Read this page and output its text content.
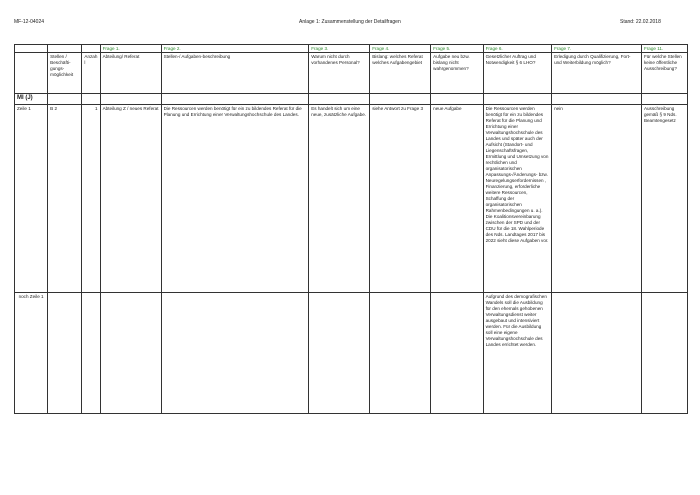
MF-12-04024	Anlage 1: Zusammenstellung der Detailfragen	Stand: 22.02.2018
			Frage 1.	Frage 2.	Frage 3.	Frage 4.	Frage 5.	Frage 6.	Frage 7.	Frage 11.
	Stellen / Beschäfti-gungs-möglichkeit	Anzahl	Abteilung/ Referat	Stellen-/ Aufgaben-beschreibung	Warum nicht durch vorhandenes Personal?	Bislang: welches Referat welches Aufgabengebiet	Aufgabe neu bzw. bislang nicht wahrgenommen?	Gesetzlicher Auftrag und Notwendigkeit § 6 LHO?	Erledigung durch Qualifizierung, Fort- und Weiterbildung möglich?	Für welche Stellen keine öffentliche Ausschreibung?
MI (J)										
Zeile 1	B 2	1	Abteilung Z / neues Referat	Die Ressourcen werden benötigt für ein zu bildendes Referat für die Planung und Errichtung einer Verwaltungshochschule des Landes.	Es handelt sich um eine neue, zusätzliche Aufgabe.	siehe Antwort zu Frage 3	neue Aufgabe	Die Ressourcen werden benötigt für ein zu bildendes Referat für die Planung und Errichtung einer Verwaltungshochschule des Landes und später auch der Aufsicht (Standort- und Liegenschaftsfragen, Ermittlung und Umsetzung von rechtlichen und organisatorischen Anpassungs-/Änderungs- bzw. Neuregelungserfordernissen , Finanzierung, erforderliche weitere Ressourcen, Schaffung der organisatorischen Rahmenbedingungen u. a.). Die Koalitionsvereinbarung zwischen der SPD und der CDU für die 18. Wahlperiode des Nds. Landtages 2017 bis 2022 sieht diese Aufgaben vor.	nein	Ausschreibung gemäß § 9 Nds. Beamtengesetz
noch Zeile 1								Aufgrund des demografischen Wandels soll die Ausbildung für den ehemals gehobenen Verwaltungsdienst weiter ausgebaut und intensiviert werden. Für die Ausbildung soll eine eigene Verwaltungshochschule des Landes errichtet werden.		
